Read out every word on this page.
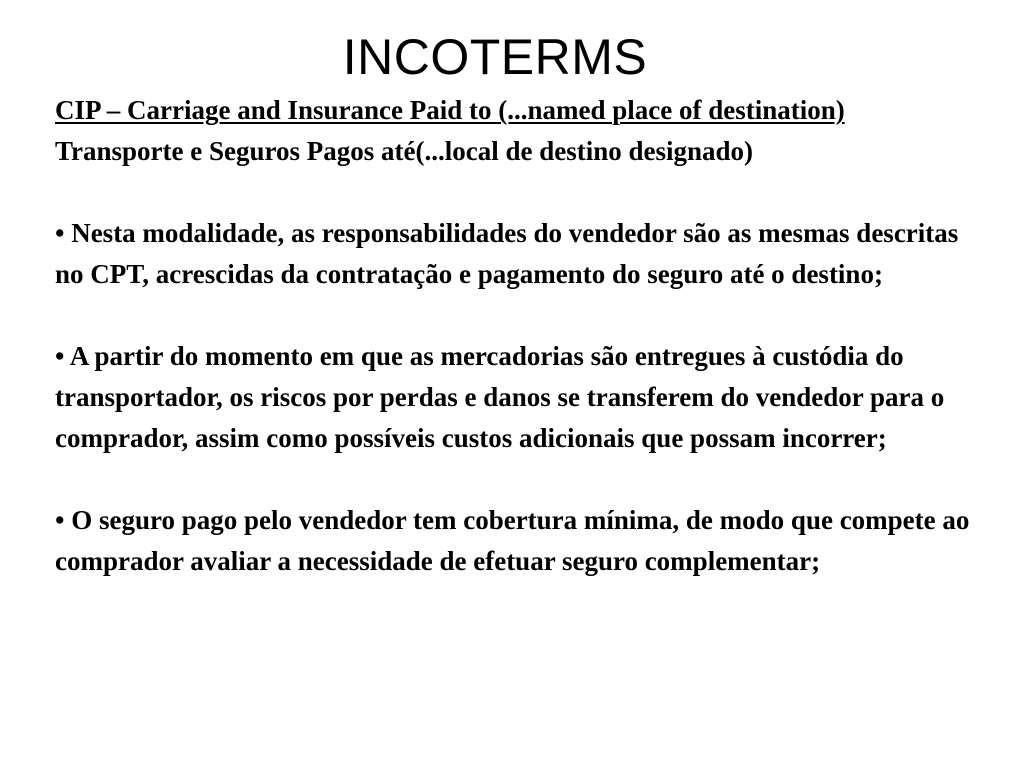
INCOTERMS

CIP – Carriage and Insurance Paid to (...named place of destination)

Transporte e Seguros Pagos até(...local de destino designado)

• Nesta modalidade, as responsabilidades do vendedor são as mesmas descritas no CPT, acrescidas da contratação e pagamento do seguro até o destino;

• A partir do momento em que as mercadorias são entregues à custódia do transportador, os riscos por perdas e danos se transferem do vendedor para o comprador, assim como possíveis custos adicionais que possam incorrer;

• O seguro pago pelo vendedor tem cobertura mínima, de modo que compete ao comprador avaliar a necessidade de efetuar seguro complementar;
